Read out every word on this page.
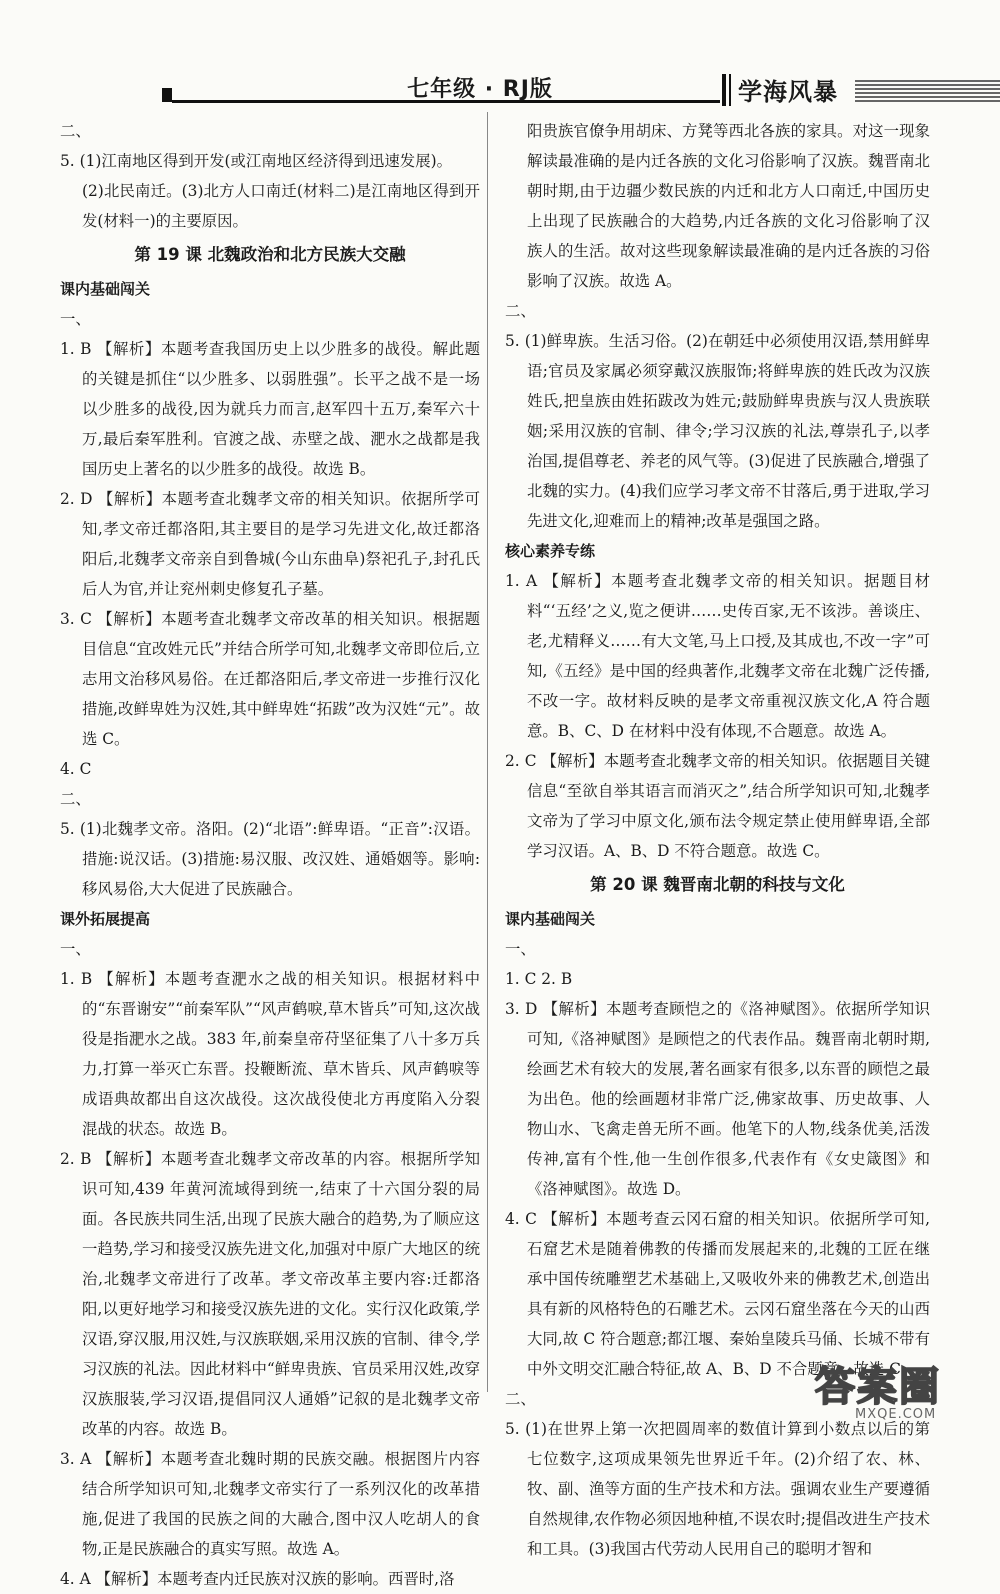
七年级 · RJ版	学海风暴

二、

5. (1)江南地区得到开发(或江南地区经济得到迅速发展)。

(2)北民南迁。(3)北方人口南迁(材料二)是江南地区得到开发(材料一)的主要原因。

第 19 课 北魏政治和北方民族大交融

课内基础闯关

一、

1. B 【解析】本题考查我国历史上以少胜多的战役。解此题的关键是抓住“以少胜多、以弱胜强”。长平之战不是一场以少胜多的战役,因为就兵力而言,赵军四十五万,秦军六十万,最后秦军胜利。官渡之战、赤壁之战、淝水之战都是我国历史上著名的以少胜多的战役。故选 B。

2. D 【解析】本题考查北魏孝文帝的相关知识。依据所学可知,孝文帝迁都洛阳,其主要目的是学习先进文化,故迁都洛阳后,北魏孝文帝亲自到鲁城(今山东曲阜)祭祀孔子,封孔氏后人为官,并让兖州刺史修复孔子墓。

3. C 【解析】本题考查北魏孝文帝改革的相关知识。根据题目信息“宜改姓元氏”并结合所学可知,北魏孝文帝即位后,立志用文治移风易俗。在迁都洛阳后,孝文帝进一步推行汉化措施,改鲜卑姓为汉姓,其中鲜卑姓“拓跋”改为汉姓“元”。故选 C。

4. C

二、

5. (1)北魏孝文帝。洛阳。(2)“北语”:鲜卑语。“正音”:汉语。措施:说汉话。(3)措施:易汉服、改汉姓、通婚姻等。影响:移风易俗,大大促进了民族融合。

课外拓展提高

一、

1. B 【解析】本题考查淝水之战的相关知识。根据材料中的“东晋谢安”“前秦军队”“风声鹤唳,草木皆兵”可知,这次战役是指淝水之战。383 年,前秦皇帝苻坚征集了八十多万兵力,打算一举灭亡东晋。投鞭断流、草木皆兵、风声鹤唳等成语典故都出自这次战役。这次战役使北方再度陷入分裂混战的状态。故选 B。

2. B 【解析】本题考查北魏孝文帝改革的内容。根据所学知识可知,439 年黄河流域得到统一,结束了十六国分裂的局面。各民族共同生活,出现了民族大融合的趋势,为了顺应这一趋势,学习和接受汉族先进文化,加强对中原广大地区的统治,北魏孝文帝进行了改革。孝文帝改革主要内容:迁都洛阳,以更好地学习和接受汉族先进的文化。实行汉化政策,学汉语,穿汉服,用汉姓,与汉族联姻,采用汉族的官制、律令,学习汉族的礼法。因此材料中“鲜卑贵族、官员采用汉姓,改穿汉族服装,学习汉语,提倡同汉人通婚”记叙的是北魏孝文帝改革的内容。故选 B。

3. A 【解析】本题考查北魏时期的民族交融。根据图片内容结合所学知识可知,北魏孝文帝实行了一系列汉化的改革措施,促进了我国的民族之间的大融合,图中汉人吃胡人的食物,正是民族融合的真实写照。故选 A。

4. A 【解析】本题考查内迁民族对汉族的影响。西晋时,洛

阳贵族官僚争用胡床、方凳等西北各族的家具。对这一现象解读最准确的是内迁各族的文化习俗影响了汉族。魏晋南北朝时期,由于边疆少数民族的内迁和北方人口南迁,中国历史上出现了民族融合的大趋势,内迁各族的文化习俗影响了汉族人的生活。故对这些现象解读最准确的是内迁各族的习俗影响了汉族。故选 A。

二、

5. (1)鲜卑族。生活习俗。(2)在朝廷中必须使用汉语,禁用鲜卑语;官员及家属必须穿戴汉族服饰;将鲜卑族的姓氏改为汉族姓氏,把皇族由姓拓跋改为姓元;鼓励鲜卑贵族与汉人贵族联姻;采用汉族的官制、律令;学习汉族的礼法,尊崇孔子,以孝治国,提倡尊老、养老的风气等。(3)促进了民族融合,增强了北魏的实力。(4)我们应学习孝文帝不甘落后,勇于进取,学习先进文化,迎难而上的精神;改革是强国之路。

核心素养专练

1. A 【解析】本题考查北魏孝文帝的相关知识。据题目材料“‘五经’之义,览之便讲……史传百家,无不该涉。善谈庄、老,尤精释义……有大文笔,马上口授,及其成也,不改一字”可知,《五经》是中国的经典著作,北魏孝文帝在北魏广泛传播,不改一字。故材料反映的是孝文帝重视汉族文化,A 符合题意。B、C、D 在材料中没有体现,不合题意。故选 A。

2. C 【解析】本题考查北魏孝文帝的相关知识。依据题目关键信息“至欲自举其语言而消灭之”,结合所学知识可知,北魏孝文帝为了学习中原文化,颁布法令规定禁止使用鲜卑语,全部学习汉语。A、B、D 不符合题意。故选 C。

第 20 课 魏晋南北朝的科技与文化

课内基础闯关

一、

1. C 2. B

3. D 【解析】本题考查顾恺之的《洛神赋图》。依据所学知识可知,《洛神赋图》是顾恺之的代表作品。魏晋南北朝时期,绘画艺术有较大的发展,著名画家有很多,以东晋的顾恺之最为出色。他的绘画题材非常广泛,佛家故事、历史故事、人物山水、飞禽走兽无所不画。他笔下的人物,线条优美,活泼传神,富有个性,他一生创作很多,代表作有《女史箴图》和《洛神赋图》。故选 D。

4. C 【解析】本题考查云冈石窟的相关知识。依据所学可知,石窟艺术是随着佛教的传播而发展起来的,北魏的工匠在继承中国传统雕塑艺术基础上,又吸收外来的佛教艺术,创造出具有新的风格特色的石雕艺术。云冈石窟坐落在今天的山西大同,故 C 符合题意;都江堰、秦始皇陵兵马俑、长城不带有中外文明交汇融合特征,故 A、B、D 不合题意。故选 C。

二、

5. (1)在世界上第一次把圆周率的数值计算到小数点以后的第七位数字,这项成果领先世界近千年。(2)介绍了农、林、牧、副、渔等方面的生产技术和方法。强调农业生产要遵循自然规律,农作物必须因地种植,不误农时;提倡改进生产技术和工具。(3)我国古代劳动人民用自己的聪明才智和

答案圈
MXQE.COM
